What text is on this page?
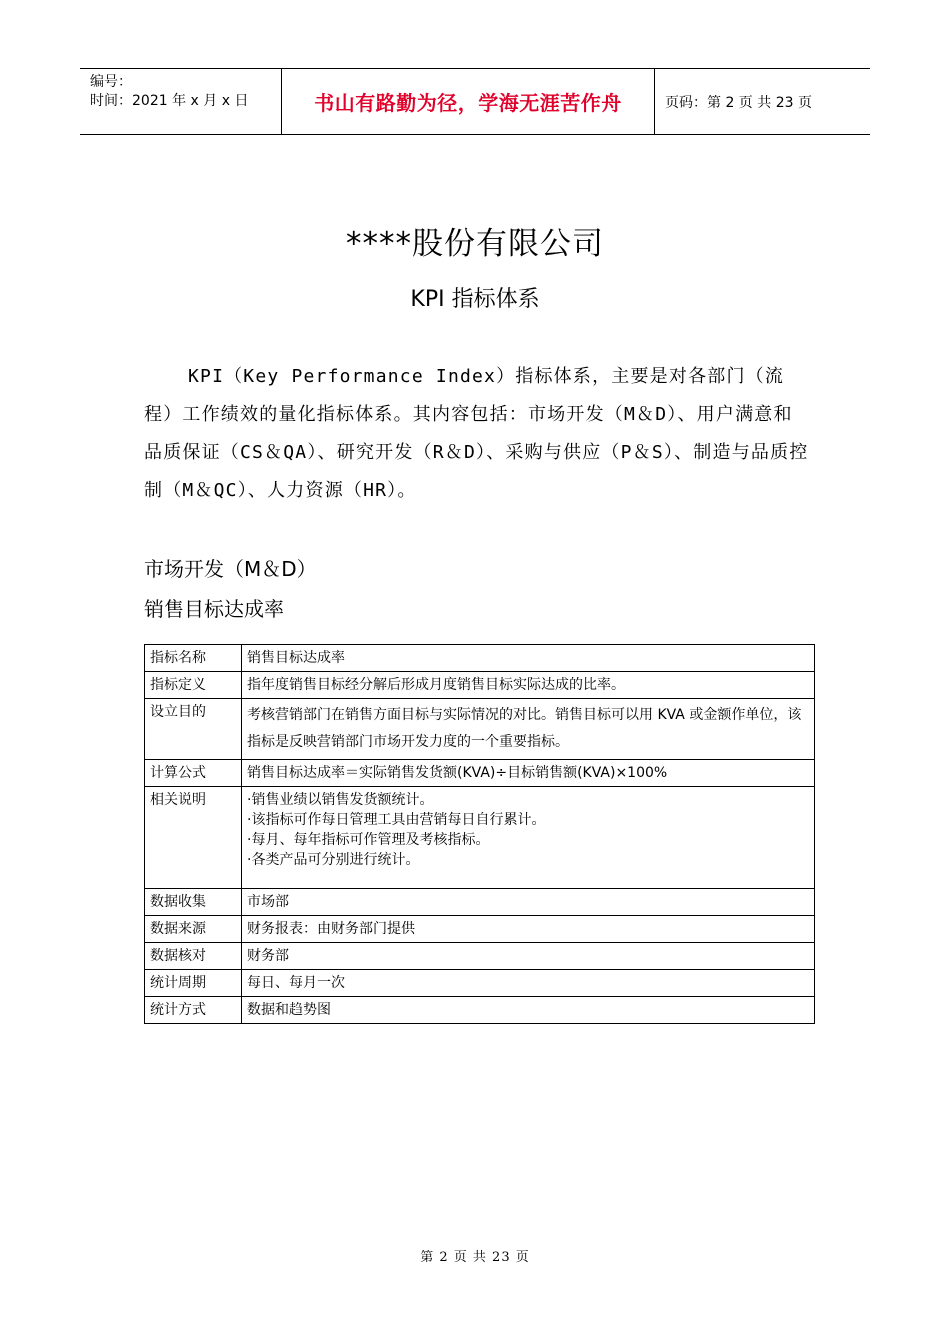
编号：
时间：2021 年 x 月 x 日	书山有路勤为径，学海无涯苦作舟	页码：第 2 页 共 23 页
****股份有限公司
KPI 指标体系

KPI（Key Performance Index）指标体系，主要是对各部门（流程）工作绩效的量化指标体系。其内容包括：市场开发（M＆D）、用户满意和品质保证（CS＆QA）、研究开发（R＆D）、采购与供应（P＆S）、制造与品质控制（M＆QC）、人力资源（HR）。

市场开发（M＆D）
销售目标达成率
指标名称	销售目标达成率
指标定义	指年度销售目标经分解后形成月度销售目标实际达成的比率。
设立目的	考核营销部门在销售方面目标与实际情况的对比。销售目标可以用 KVA 或金额作单位，该指标是反映营销部门市场开发力度的一个重要指标。
计算公式	销售目标达成率＝实际销售发货额(KVA)÷目标销售额(KVA)×100%
相关说明	·销售业绩以销售发货额统计。
·该指标可作每日管理工具由营销每日自行累计。
·每月、每年指标可作管理及考核指标。
·各类产品可分别进行统计。

数据收集	市场部
数据来源	财务报表：由财务部门提供
数据核对	财务部
统计周期	每日、每月一次
统计方式	数据和趋势图
第 2 页 共 23 页
